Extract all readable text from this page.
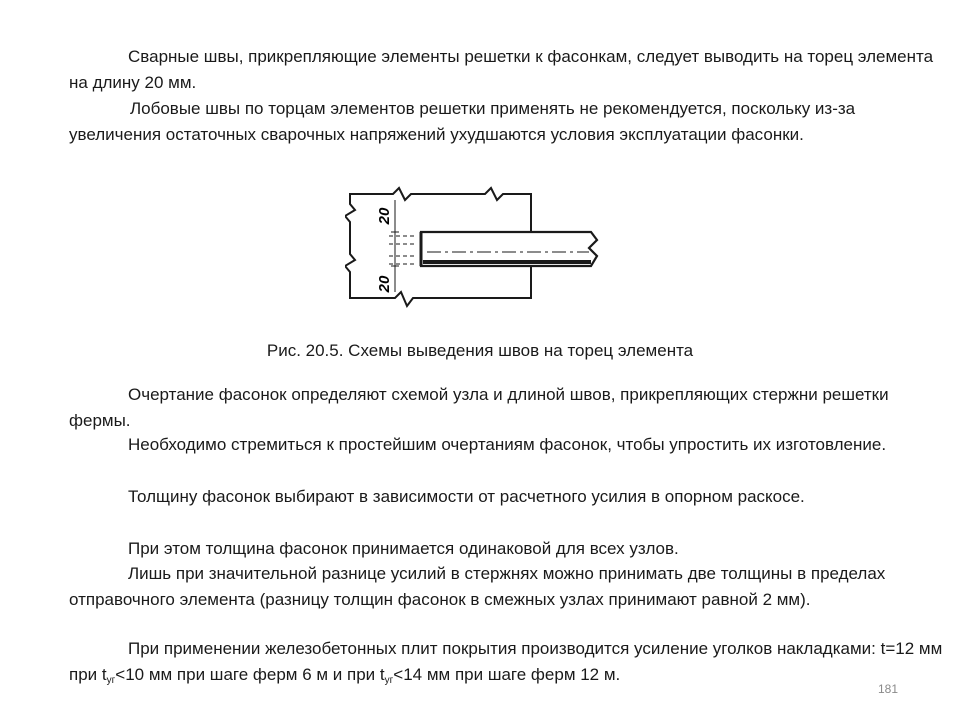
Сварные швы, прикрепляющие элементы решетки к фасонкам, следует выводить на торец элемента на длину 20 мм.

Лобовые швы по торцам элементов решетки применять не рекомендуется, поскольку из-за увеличения остаточных сварочных напряжений ухудшаются условия эксплуатации фасонки.

20
20
Рис. 20.5. Схемы выведения швов на торец элемента

Очертание фасонок определяют схемой узла и длиной швов, прикрепляющих стержни решетки фермы.

Необходимо стремиться к простейшим очертаниям фасонок, чтобы упростить их изготовление.

Толщину фасонок выбирают в зависимости от расчетного усилия в опорном раскосе.

При этом толщина фасонок принимается одинаковой для всех узлов.

Лишь при значительной разнице усилий в стержнях можно принимать две толщины в пределах отправочного элемента (разницу толщин фасонок в смежных узлах принимают равной 2 мм).

При применении железобетонных плит покрытия производится усиление уголков накладками: t=12 мм при $t_{уг}<10$ мм при шаге ферм 6 м и при $t_{уг}<14$ мм при шаге ферм 12 м.

181
